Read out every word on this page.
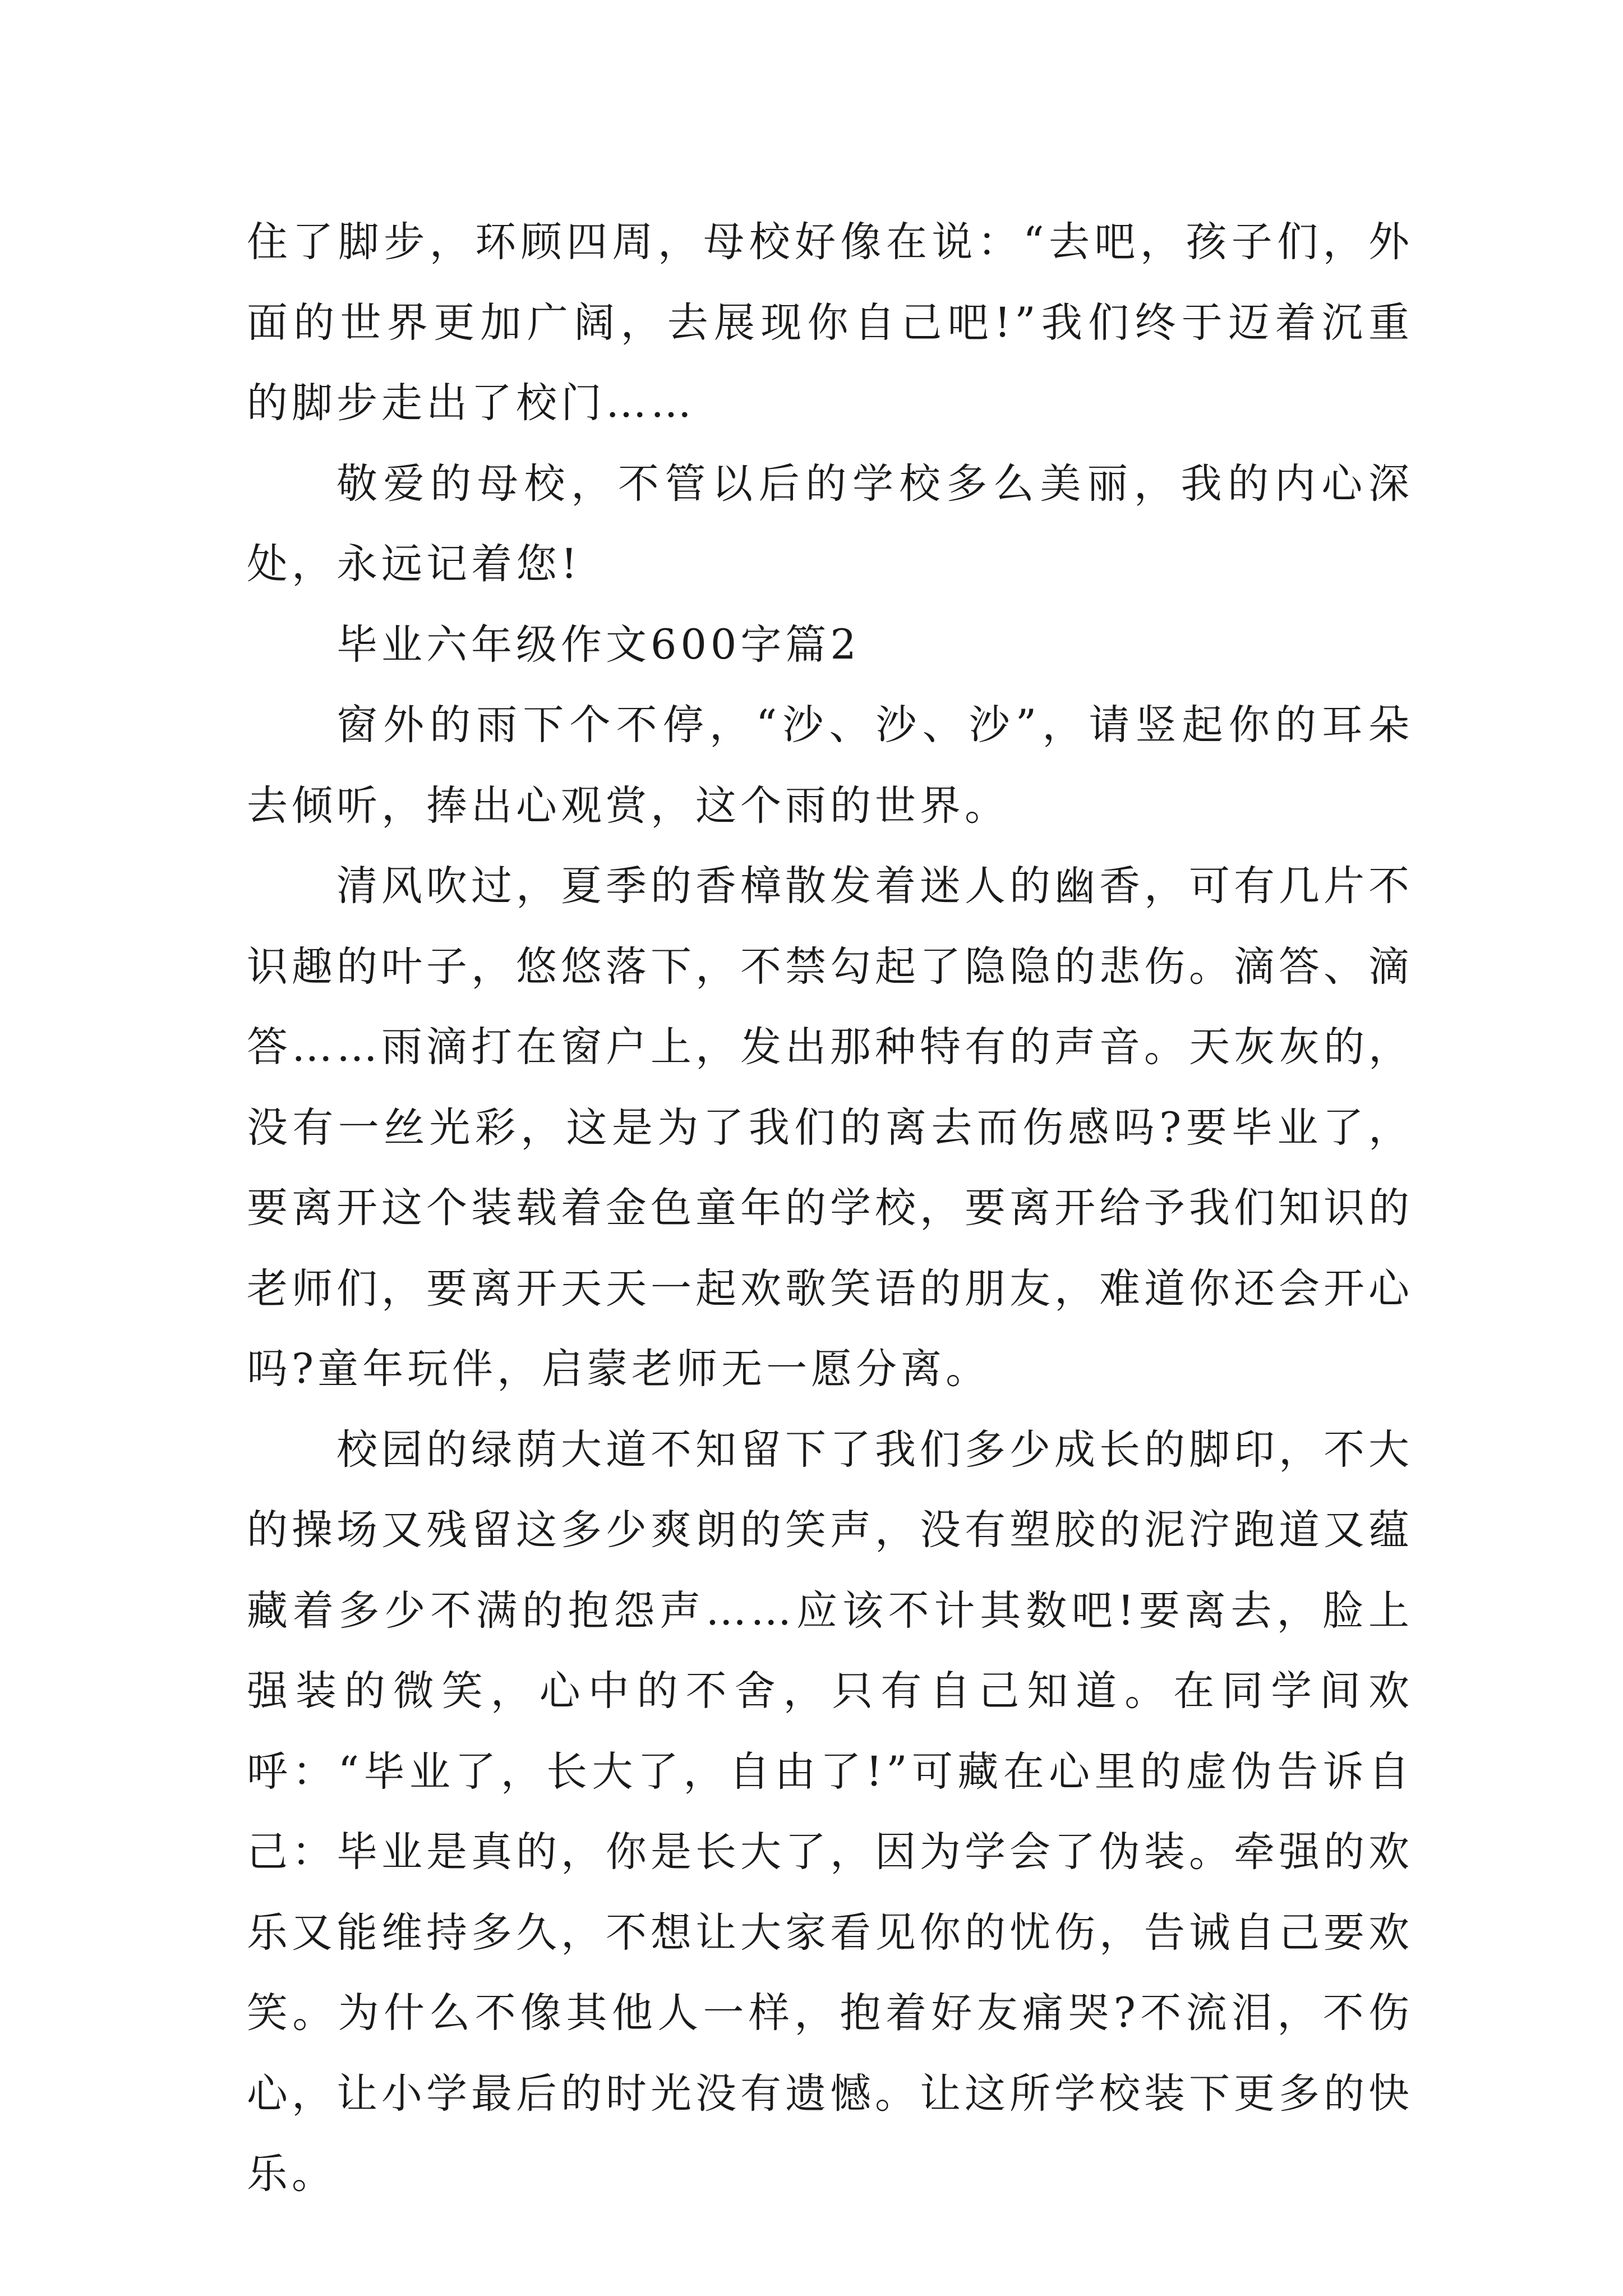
住了脚步，环顾四周，母校好像在说：“去吧，孩子们，外面的世界更加广阔，去展现你自己吧!”我们终于迈着沉重的脚步走出了校门……

敬爱的母校，不管以后的学校多么美丽，我的内心深处，永远记着您!

毕业六年级作文600字篇2

窗外的雨下个不停，“沙、沙、沙”，请竖起你的耳朵去倾听，捧出心观赏，这个雨的世界。

清风吹过，夏季的香樟散发着迷人的幽香，可有几片不识趣的叶子，悠悠落下，不禁勾起了隐隐的悲伤。滴答、滴答……雨滴打在窗户上，发出那种特有的声音。天灰灰的，没有一丝光彩，这是为了我们的离去而伤感吗?要毕业了，要离开这个装载着金色童年的学校，要离开给予我们知识的老师们，要离开天天一起欢歌笑语的朋友，难道你还会开心吗?童年玩伴，启蒙老师无一愿分离。

校园的绿荫大道不知留下了我们多少成长的脚印，不大的操场又残留这多少爽朗的笑声，没有塑胶的泥泞跑道又蕴藏着多少不满的抱怨声……应该不计其数吧!要离去，脸上强装的微笑，心中的不舍，只有自己知道。在同学间欢呼：“毕业了，长大了，自由了!”可藏在心里的虚伪告诉自己：毕业是真的，你是长大了，因为学会了伪装。牵强的欢乐又能维持多久，不想让大家看见你的忧伤，告诫自己要欢笑。为什么不像其他人一样，抱着好友痛哭?不流泪，不伤心，让小学最后的时光没有遗憾。让这所学校装下更多的快乐。
